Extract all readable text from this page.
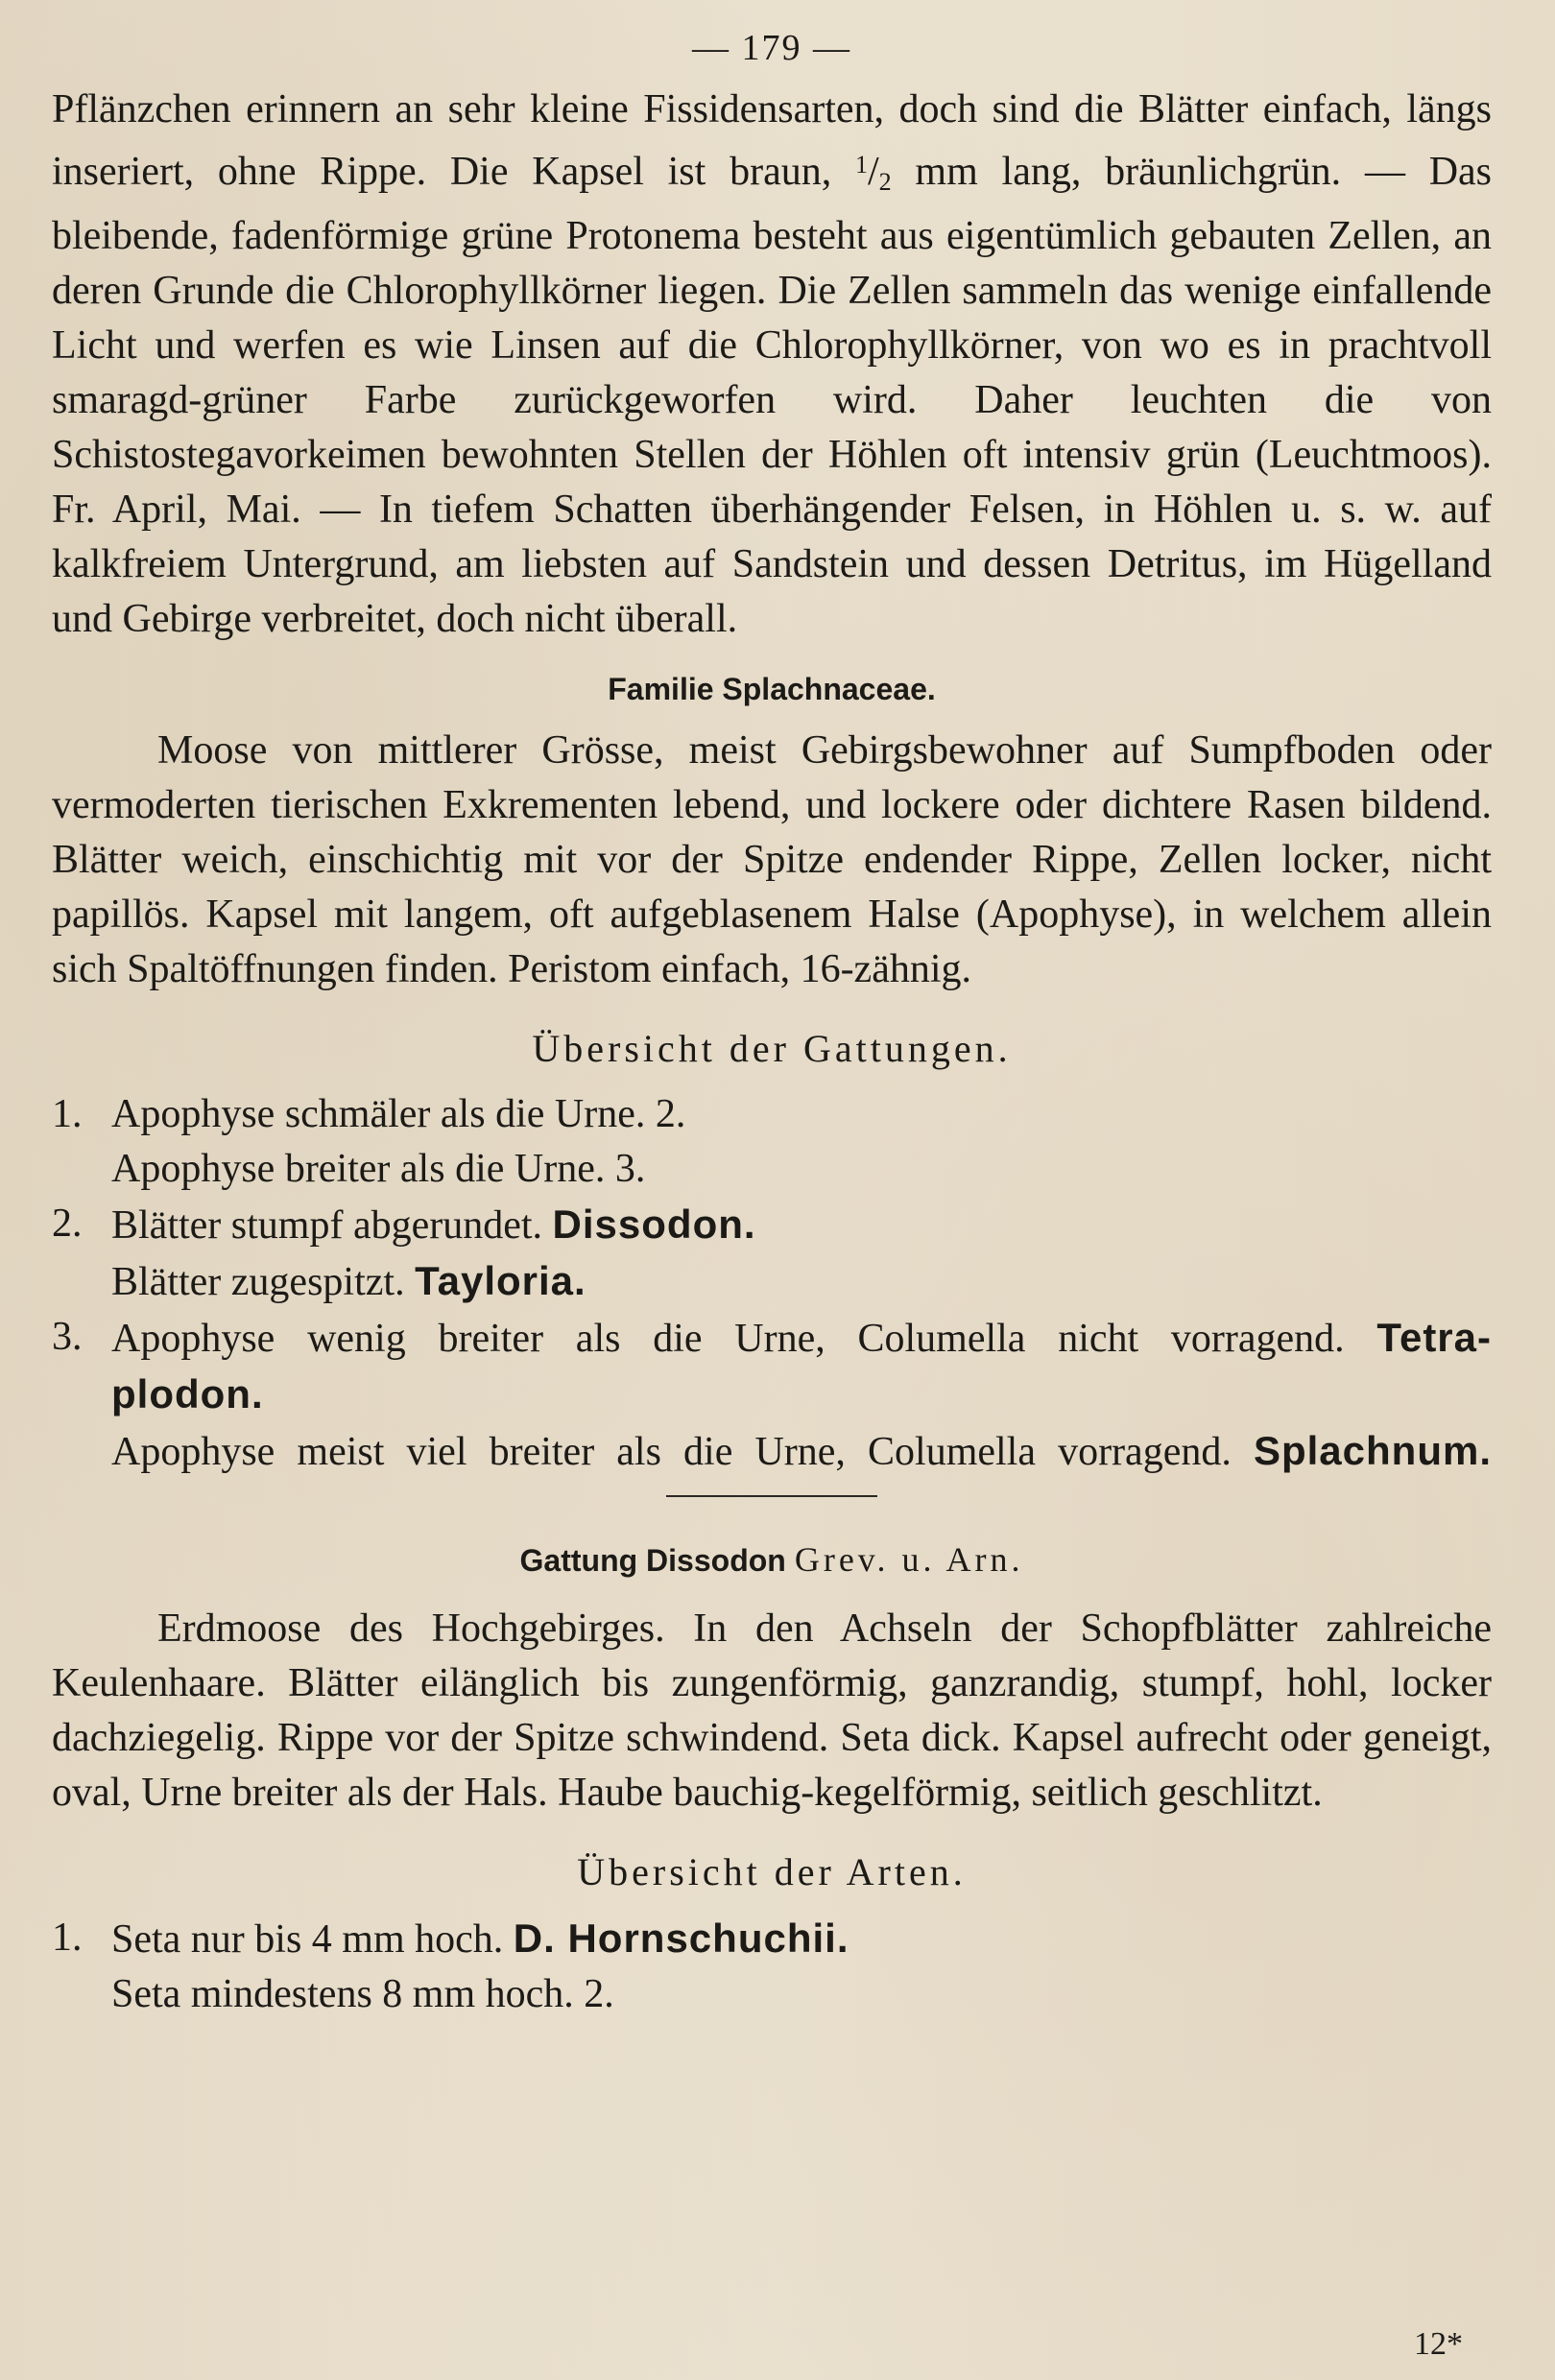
— 179 —

Pflänzchen erinnern an sehr kleine Fissidensarten, doch sind die Blätter einfach, längs inseriert, ohne Rippe. Die Kapsel ist braun, $^1/_2$ mm lang, bräunlichgrün. — Das bleibende, fadenförmige grüne Protonema besteht aus eigentümlich gebauten Zellen, an deren Grunde die Chlorophyllkörner liegen. Die Zellen sammeln das wenige einfallende Licht und werfen es wie Linsen auf die Chlorophyllkörner, von wo es in prachtvoll smaragd-grüner Farbe zurückgeworfen wird. Daher leuchten die von Schistostegavorkeimen bewohnten Stellen der Höhlen oft intensiv grün (Leuchtmoos). Fr. April, Mai. — In tiefem Schatten überhängender Felsen, in Höhlen u. s. w. auf kalkfreiem Untergrund, am liebsten auf Sandstein und dessen Detritus, im Hügelland und Gebirge verbreitet, doch nicht überall.

Familie Splachnaceae.

Moose von mittlerer Grösse, meist Gebirgsbewohner auf Sumpfboden oder vermoderten tierischen Exkrementen lebend, und lockere oder dichtere Rasen bildend. Blätter weich, einschichtig mit vor der Spitze endender Rippe, Zellen locker, nicht papillös. Kapsel mit langem, oft aufgeblasenem Halse (Apophyse), in welchem allein sich Spaltöffnungen finden. Peristom einfach, 16-zähnig.

Übersicht der Gattungen.
1. Apophyse schmäler als die Urne. 2.
Apophyse breiter als die Urne. 3.
2. Blätter stumpf abgerundet. Dissodon.
Blätter zugespitzt. Tayloria.
3. Apophyse wenig breiter als die Urne, Columella nicht vorragend. Tetra-
plodon.
Apophyse meist viel breiter als die Urne, Columella vorragend. Splachnum.
Gattung Dissodon Grev. u. Arn.

Erdmoose des Hochgebirges. In den Achseln der Schopfblätter zahlreiche Keulenhaare. Blätter eilänglich bis zungenförmig, ganzrandig, stumpf, hohl, locker dachziegelig. Rippe vor der Spitze schwindend. Seta dick. Kapsel aufrecht oder geneigt, oval, Urne breiter als der Hals. Haube bauchig-kegelförmig, seitlich geschlitzt.

Übersicht der Arten.
1. Seta nur bis 4 mm hoch. D. Hornschuchii.
Seta mindestens 8 mm hoch. 2.
12*
